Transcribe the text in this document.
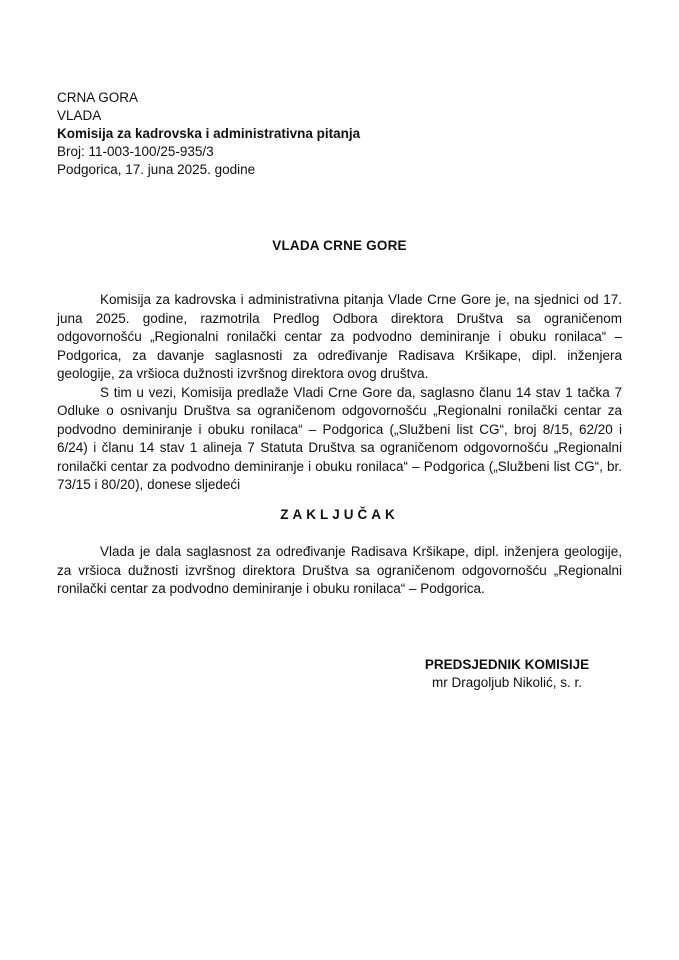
CRNA GORA
VLADA
Komisija za kadrovska i administrativna pitanja
Broj: 11-003-100/25-935/3
Podgorica, 17. juna 2025. godine
VLADA CRNE GORE

Komisija za kadrovska i administrativna pitanja Vlade Crne Gore je, na sjednici od 17. juna 2025. godine, razmotrila Predlog Odbora direktora Društva sa ograničenom odgovornošću „Regionalni ronilački centar za podvodno deminiranje i obuku ronilaca“ – Podgorica, za davanje saglasnosti za određivanje Radisava Kršikape, dipl. inženjera geologije, za vršioca dužnosti izvršnog direktora ovog društva.

S tim u vezi, Komisija predlaže Vladi Crne Gore da, saglasno članu 14 stav 1 tačka 7 Odluke o osnivanju Društva sa ograničenom odgovornošću „Regionalni ronilački centar za podvodno deminiranje i obuku ronilaca“ – Podgorica („Službeni list CG“, broj 8/15, 62/20 i 6/24) i članu 14 stav 1 alineja 7 Statuta Društva sa ograničenom odgovornošću „Regionalni ronilački centar za podvodno deminiranje i obuku ronilaca“ – Podgorica („Službeni list CG“, br. 73/15 i 80/20), donese sljedeći

ZAKLJUČAK

Vlada je dala saglasnost za određivanje Radisava Kršikape, dipl. inženjera geologije, za vršioca dužnosti izvršnog direktora Društva sa ograničenom odgovornošću „Regionalni ronilački centar za podvodno deminiranje i obuku ronilaca“ – Podgorica.

PREDSJEDNIK KOMISIJE
mr Dragoljub Nikolić, s. r.
